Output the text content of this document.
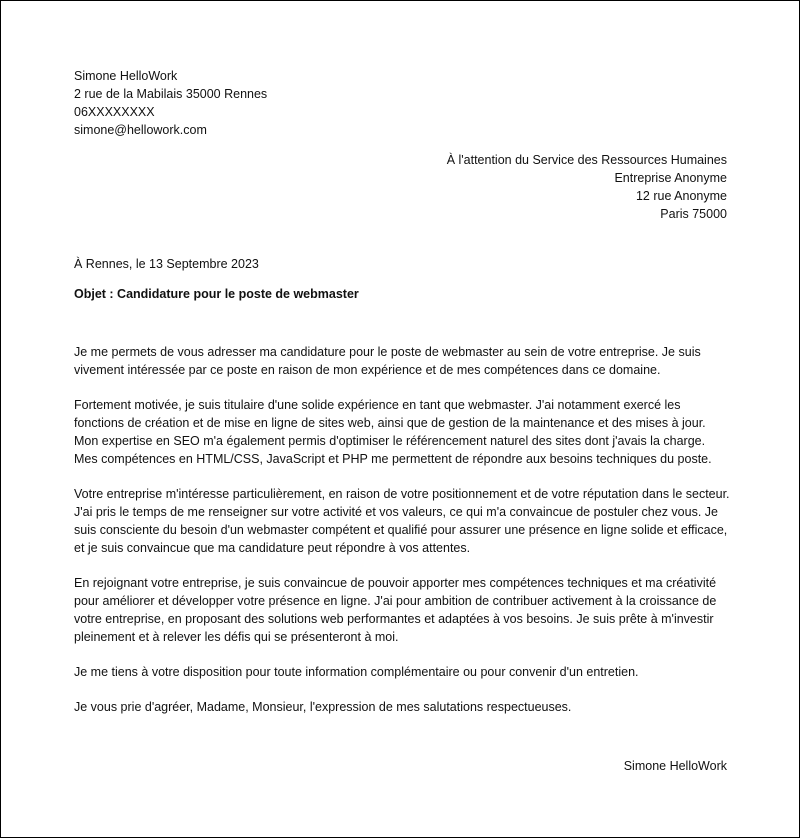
Simone HelloWork
2 rue de la Mabilais 35000 Rennes
06XXXXXXXX
simone@hellowork.com
À l'attention du Service des Ressources Humaines
Entreprise Anonyme
12 rue Anonyme
Paris 75000
À Rennes, le 13 Septembre 2023
Objet : Candidature pour le poste de webmaster

Je me permets de vous adresser ma candidature pour le poste de webmaster au sein de votre entreprise. Je suis vivement intéressée par ce poste en raison de mon expérience et de mes compétences dans ce domaine.

Fortement motivée, je suis titulaire d'une solide expérience en tant que webmaster. J'ai notamment exercé les fonctions de création et de mise en ligne de sites web, ainsi que de gestion de la maintenance et des mises à jour. Mon expertise en SEO m'a également permis d'optimiser le référencement naturel des sites dont j'avais la charge. Mes compétences en HTML/CSS, JavaScript et PHP me permettent de répondre aux besoins techniques du poste.

Votre entreprise m'intéresse particulièrement, en raison de votre positionnement et de votre réputation dans le secteur. J'ai pris le temps de me renseigner sur votre activité et vos valeurs, ce qui m'a convaincue de postuler chez vous. Je suis consciente du besoin d'un webmaster compétent et qualifié pour assurer une présence en ligne solide et efficace, et je suis convaincue que ma candidature peut répondre à vos attentes.

En rejoignant votre entreprise, je suis convaincue de pouvoir apporter mes compétences techniques et ma créativité pour améliorer et développer votre présence en ligne. J'ai pour ambition de contribuer activement à la croissance de votre entreprise, en proposant des solutions web performantes et adaptées à vos besoins. Je suis prête à m'investir pleinement et à relever les défis qui se présenteront à moi.

Je me tiens à votre disposition pour toute information complémentaire ou pour convenir d'un entretien.

Je vous prie d'agréer, Madame, Monsieur, l'expression de mes salutations respectueuses.

Simone HelloWork
